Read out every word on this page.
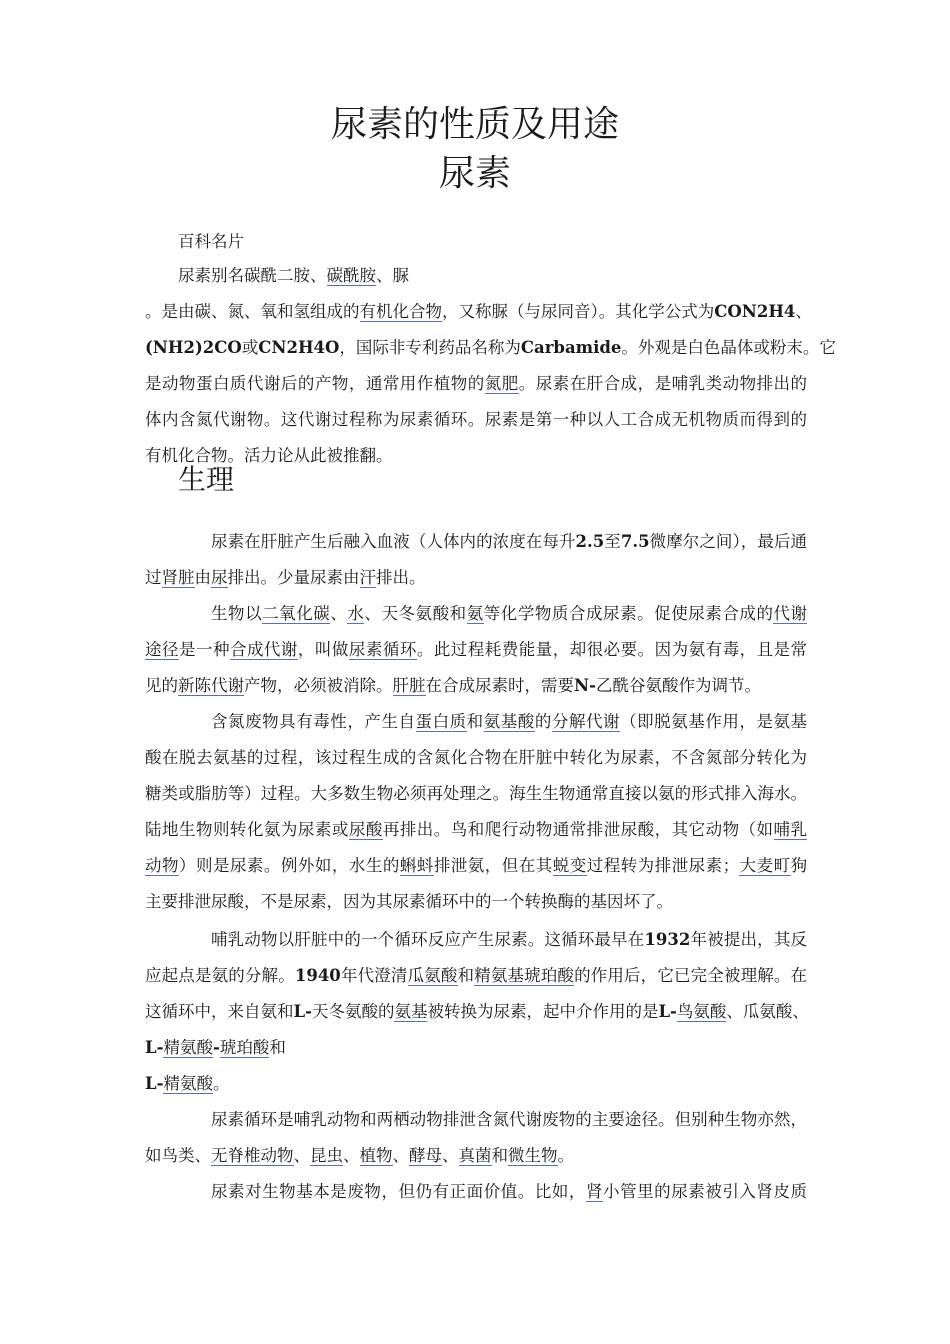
尿素的性质及用途
尿素
百科名片
尿素别名碳酰二胺、碳酰胺、脲
。是由碳、氮、氧和氢组成的有机化合物，又称脲（与尿同音）。其化学公式为CON2H4、
(NH2)2CO或CN2H4O，国际非专利药品名称为Carbamide。外观是白色晶体或粉末。它
是动物蛋白质代谢后的产物，通常用作植物的氮肥。尿素在肝合成，是哺乳类动物排出的
体内含氮代谢物。这代谢过程称为尿素循环。尿素是第一种以人工合成无机物质而得到的
有机化合物。活力论从此被推翻。
生理
尿素在肝脏产生后融入血液（人体内的浓度在每升2.5至7.5微摩尔之间），最后通
过肾脏由尿排出。少量尿素由汗排出。
生物以二氧化碳、水、天冬氨酸和氨等化学物质合成尿素。促使尿素合成的代谢
途径是一种合成代谢，叫做尿素循环。此过程耗费能量，却很必要。因为氨有毒，且是常
见的新陈代谢产物，必须被消除。肝脏在合成尿素时，需要N-乙酰谷氨酸作为调节。
含氮废物具有毒性，产生自蛋白质和氨基酸的分解代谢（即脱氨基作用，是氨基
酸在脱去氨基的过程，该过程生成的含氮化合物在肝脏中转化为尿素，不含氮部分转化为
糖类或脂肪等）过程。大多数生物必须再处理之。海生生物通常直接以氨的形式排入海水。
陆地生物则转化氨为尿素或尿酸再排出。鸟和爬行动物通常排泄尿酸，其它动物（如哺乳
动物）则是尿素。例外如，水生的蝌蚪排泄氨，但在其蜕变过程转为排泄尿素；大麦町狗
主要排泄尿酸，不是尿素，因为其尿素循环中的一个转换酶的基因坏了。
哺乳动物以肝脏中的一个循环反应产生尿素。这循环最早在1932年被提出，其反
应起点是氨的分解。1940年代澄清瓜氨酸和精氨基琥珀酸的作用后，它已完全被理解。在
这循环中，来自氨和L-天冬氨酸的氨基被转换为尿素，起中介作用的是L-鸟氨酸、瓜氨酸、
L-精氨酸-琥珀酸和
L-精氨酸。
尿素循环是哺乳动物和两栖动物排泄含氮代谢废物的主要途径。但别种生物亦然，
如鸟类、无脊椎动物、昆虫、植物、酵母、真菌和微生物。
尿素对生物基本是废物，但仍有正面价值。比如，肾小管里的尿素被引入肾皮质
